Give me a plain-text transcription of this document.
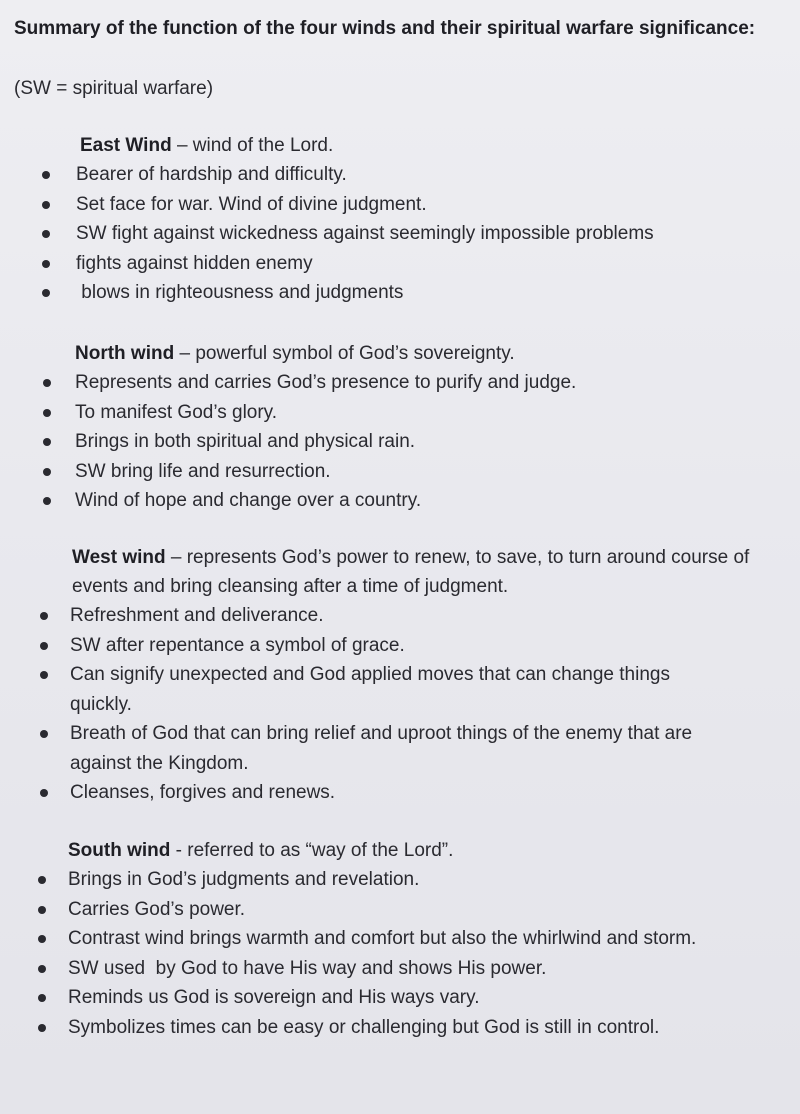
Summary of the function of the four winds and their spiritual warfare significance:
(SW = spiritual warfare)
East Wind – wind of the Lord.
Bearer of hardship and difficulty.
Set face for war. Wind of divine judgment.
SW fight against wickedness against seemingly impossible problems
fights against hidden enemy
blows in righteousness and judgments
North wind – powerful symbol of God’s sovereignty.
Represents and carries God’s presence to purify and judge.
To manifest God’s glory.
Brings in both spiritual and physical rain.
SW bring life and resurrection.
Wind of hope and change over a country.
West wind – represents God’s power to renew, to save, to turn around course of events and bring cleansing after a time of judgment.
Refreshment and deliverance.
SW after repentance a symbol of grace.
Can signify unexpected and God applied moves that can change things quickly.
Breath of God that can bring relief and uproot things of the enemy that are against the Kingdom.
Cleanses, forgives and renews.
South wind - referred to as “way of the Lord”.
Brings in God’s judgments and revelation.
Carries God’s power.
Contrast wind brings warmth and comfort but also the whirlwind and storm.
SW used  by God to have His way and shows His power.
Reminds us God is sovereign and His ways vary.
Symbolizes times can be easy or challenging but God is still in control.
